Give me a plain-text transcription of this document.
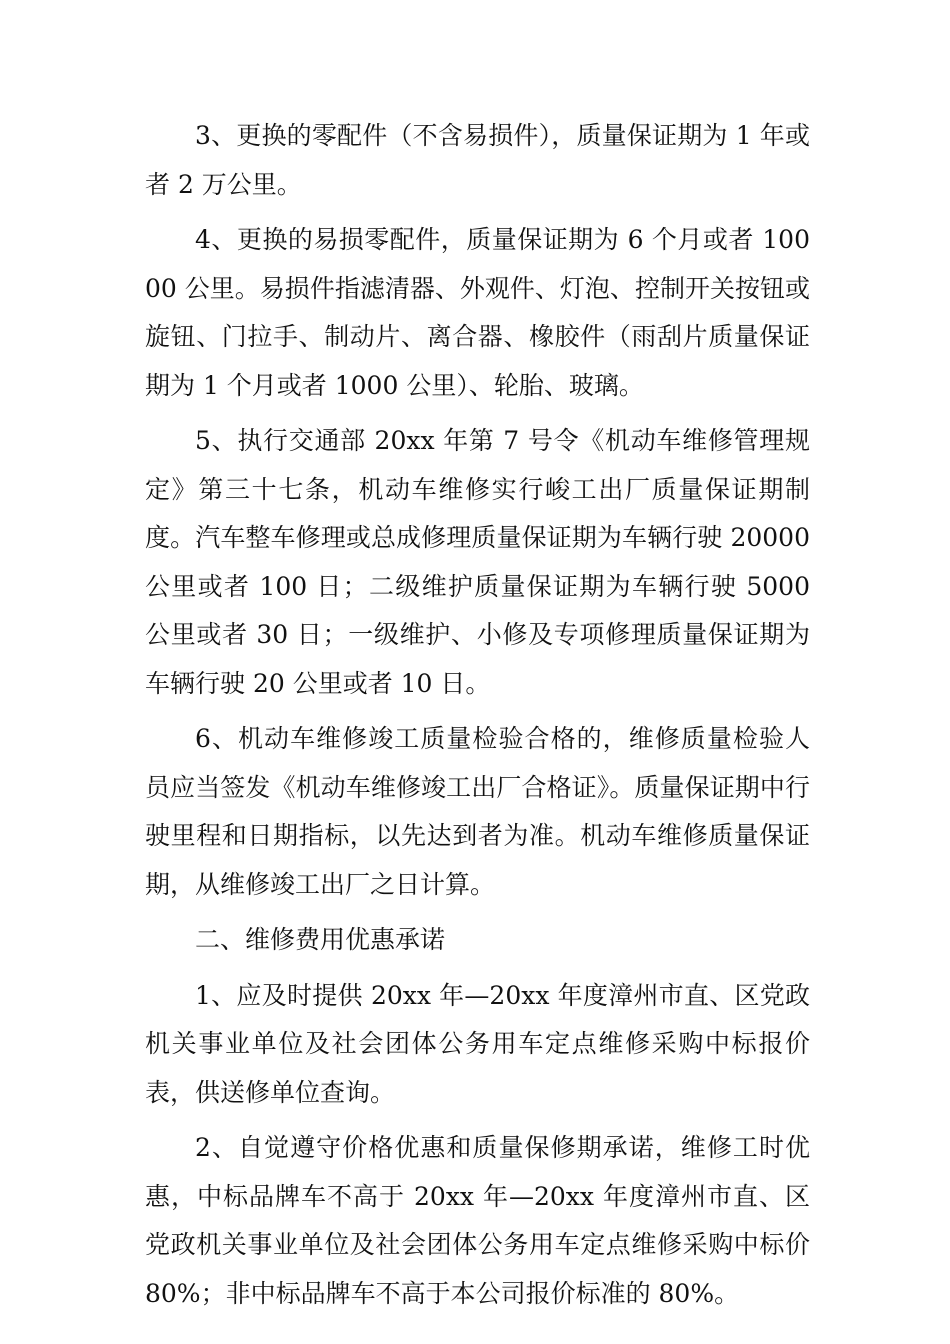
3、更换的零配件（不含易损件），质量保证期为 1 年或者 2 万公里。

4、更换的易损零配件，质量保证期为 6 个月或者 10000 公里。易损件指滤清器、外观件、灯泡、控制开关按钮或旋钮、门拉手、制动片、离合器、橡胶件（雨刮片质量保证期为 1 个月或者 1000 公里）、轮胎、玻璃。

5、执行交通部 20xx 年第 7 号令《机动车维修管理规定》第三十七条，机动车维修实行峻工出厂质量保证期制度。汽车整车修理或总成修理质量保证期为车辆行驶 20000 公里或者 100 日；二级维护质量保证期为车辆行驶 5000 公里或者 30 日；一级维护、小修及专项修理质量保证期为车辆行驶 20 公里或者 10 日。

6、机动车维修竣工质量检验合格的，维修质量检验人员应当签发《机动车维修竣工出厂合格证》。质量保证期中行驶里程和日期指标，以先达到者为准。机动车维修质量保证期，从维修竣工出厂之日计算。

二、维修费用优惠承诺

1、应及时提供 20xx 年—20xx 年度漳州市直、区党政机关事业单位及社会团体公务用车定点维修采购中标报价表，供送修单位查询。

2、自觉遵守价格优惠和质量保修期承诺，维修工时优惠，中标品牌车不高于 20xx 年—20xx 年度漳州市直、区党政机关事业单位及社会团体公务用车定点维修采购中标价 80%；非中标品牌车不高于本公司报价标准的 80%。
